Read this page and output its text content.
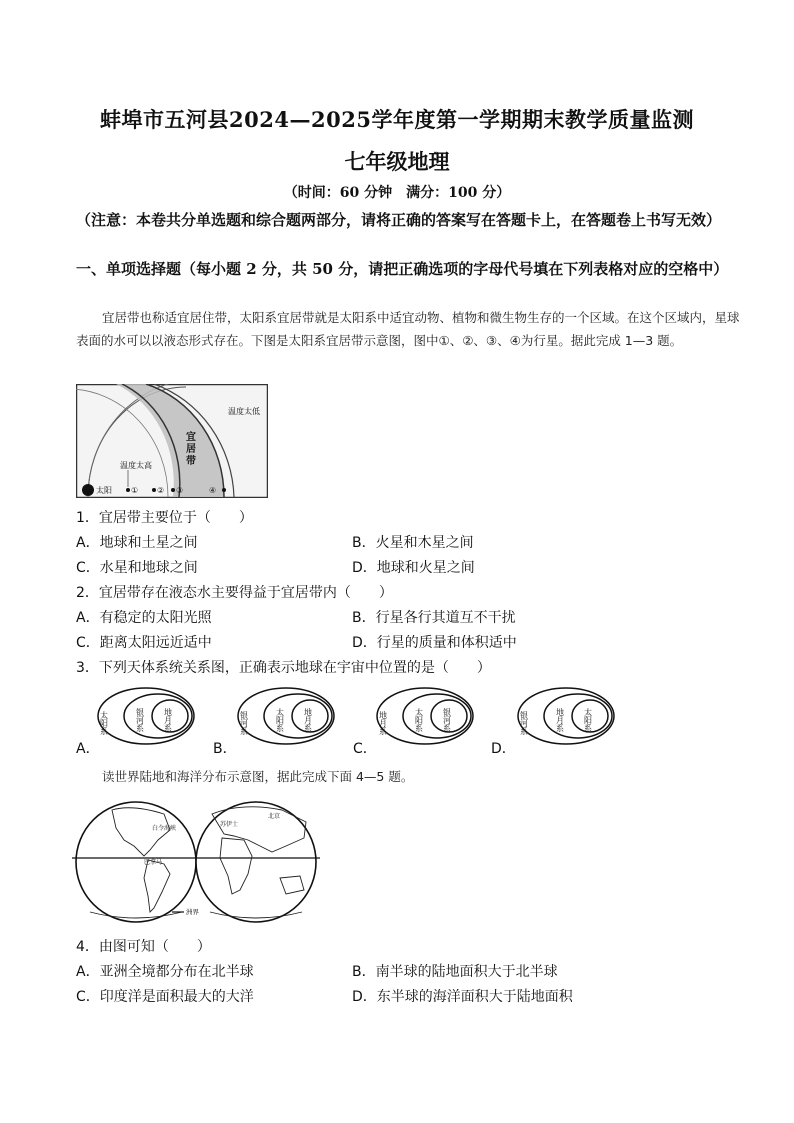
蚌埠市五河县2024—2025学年度第一学期期末教学质量监测
七年级地理
（时间：60 分钟　满分：100 分）
（注意：本卷共分单选题和综合题两部分，请将正确的答案写在答题卡上，在答题卷上书写无效）
一、单项选择题（每小题 2 分，共 50 分，请把正确选项的字母代号填在下列表格对应的空格中）
宜居带也称适宜居住带，太阳系宜居带就是太阳系中适宜动物、植物和微生物生存的一个区域。在这个区域内，星球表面的水可以以液态形式存在。下图是太阳系宜居带示意图，图中①、②、③、④为行星。据此完成 1—3 题。
太阳 ① ② ③	④
温度太高
温度太低
宜
居
带
1．宜居带主要位于（　　）
A．地球和土星之间	B．火星和木星之间
C．水星和地球之间	D．地球和火星之间
2．宜居带存在液态水主要得益于宜居带内（　　）
A．有稳定的太阳光照	B．行星各行其道互不干扰
C．距离太阳远近适中	D．行星的质量和体积适中
3．下列天体系统关系图，正确表示地球在宇宙中位置的是（　　）
A．
太阳系	银河系 地月系
B．
银河系	太阳系 地月系
C．
地月系	太阳系 银河系
D．
银河系	地月系 太阳系
读世界陆地和海洋分布示意图，据此完成下面 4—5 题。
白令海峡
巴拿马
苏伊士
北京
洲界
4．由图可知（　　）
A．亚洲全境都分布在北半球	B．南半球的陆地面积大于北半球
C．印度洋是面积最大的大洋	D．东半球的海洋面积大于陆地面积
